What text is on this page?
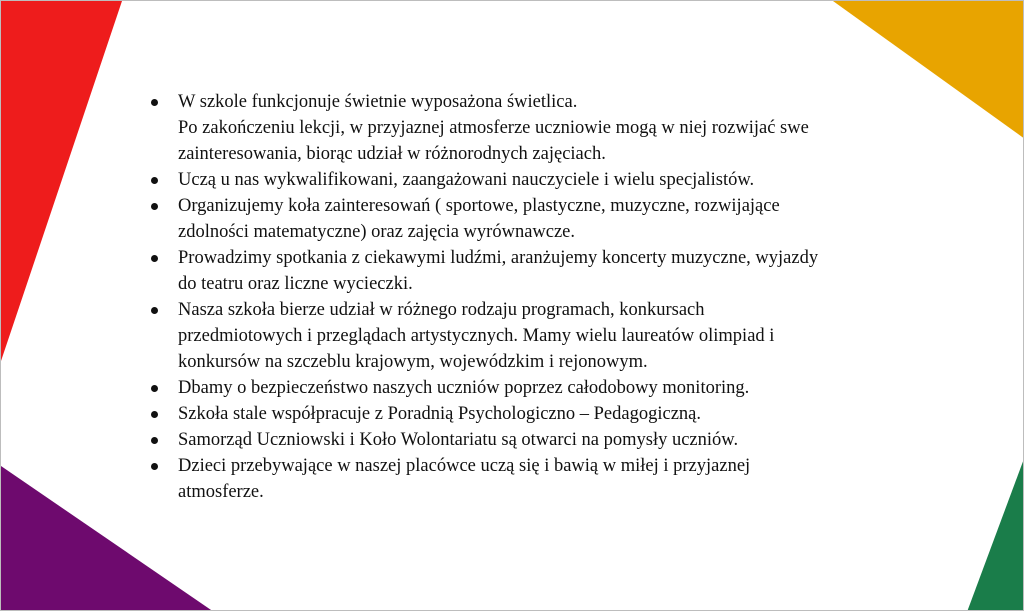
W szkole funkcjonuje świetnie wyposażona świetlica.
Po zakończeniu lekcji, w przyjaznej atmosferze uczniowie mogą w niej rozwijać swe
zainteresowania, biorąc udział w różnorodnych zajęciach.
Uczą u nas wykwalifikowani, zaangażowani nauczyciele i wielu specjalistów.
Organizujemy koła zainteresowań ( sportowe, plastyczne, muzyczne, rozwijające
zdolności matematyczne) oraz zajęcia wyrównawcze.
Prowadzimy spotkania z ciekawymi ludźmi, aranżujemy koncerty muzyczne, wyjazdy
do teatru oraz liczne wycieczki.
Nasza szkoła bierze udział w różnego rodzaju programach, konkursach
przedmiotowych i przeglądach artystycznych. Mamy wielu laureatów olimpiad i
konkursów na szczeblu krajowym, wojewódzkim i rejonowym.
Dbamy o bezpieczeństwo naszych uczniów poprzez całodobowy monitoring.
Szkoła stale współpracuje z Poradnią Psychologiczno – Pedagogiczną.
Samorząd Uczniowski i Koło Wolontariatu są otwarci na pomysły uczniów.
Dzieci przebywające w naszej placówce uczą się i bawią w miłej i przyjaznej
atmosferze.
